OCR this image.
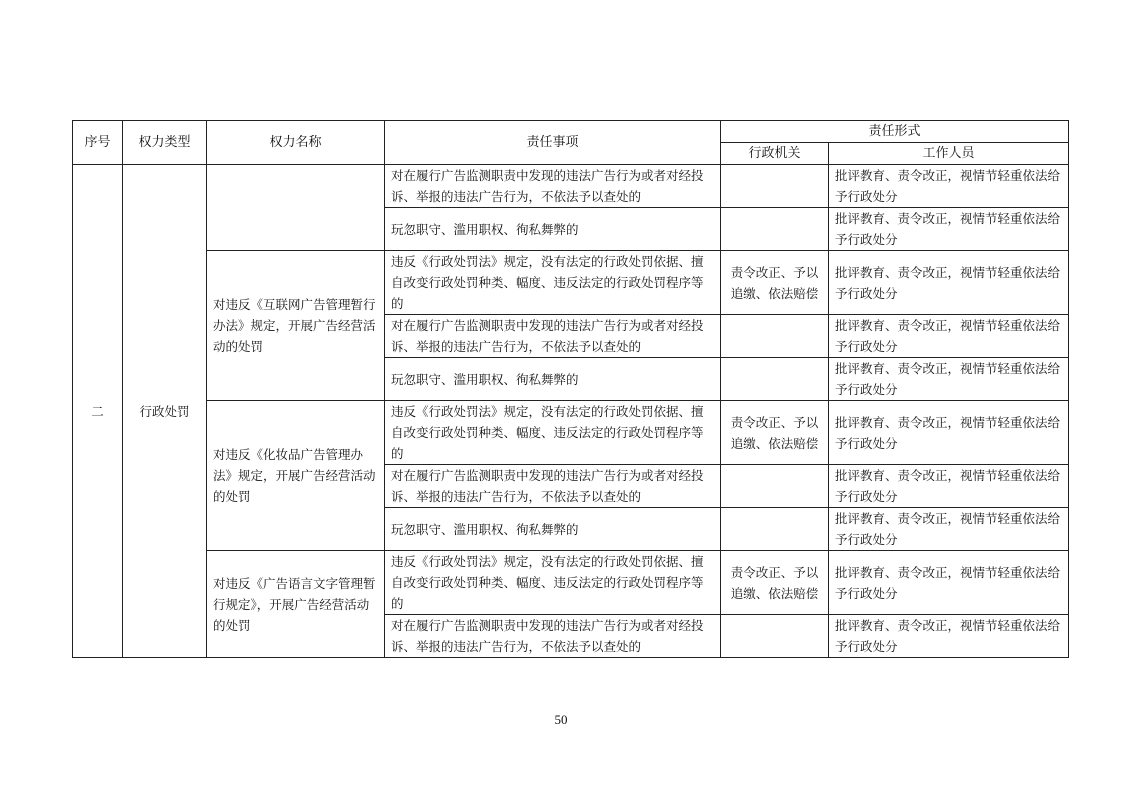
序号	权力类型	权力名称	责任事项	责任形式	
				行政机关	工作人员
二	行政处罚		对在履行广告监测职责中发现的违法广告行为或者对经投诉、举报的违法广告行为，不依法予以查处的		批评教育、责令改正，视情节轻重依法给予行政处分
			玩忽职守、滥用职权、徇私舞弊的		批评教育、责令改正，视情节轻重依法给予行政处分
		对违反《互联网广告管理暂行办法》规定，开展广告经营活动的处罚	违反《行政处罚法》规定，没有法定的行政处罚依据、擅自改变行政处罚种类、幅度、违反法定的行政处罚程序等的	责令改正、予以追缴、依法赔偿	批评教育、责令改正，视情节轻重依法给予行政处分
			对在履行广告监测职责中发现的违法广告行为或者对经投诉、举报的违法广告行为，不依法予以查处的		批评教育、责令改正，视情节轻重依法给予行政处分
			玩忽职守、滥用职权、徇私舞弊的		批评教育、责令改正，视情节轻重依法给予行政处分
		对违反《化妆品广告管理办法》规定，开展广告经营活动的处罚	违反《行政处罚法》规定，没有法定的行政处罚依据、擅自改变行政处罚种类、幅度、违反法定的行政处罚程序等的	责令改正、予以追缴、依法赔偿	批评教育、责令改正，视情节轻重依法给予行政处分
			对在履行广告监测职责中发现的违法广告行为或者对经投诉、举报的违法广告行为，不依法予以查处的		批评教育、责令改正，视情节轻重依法给予行政处分
			玩忽职守、滥用职权、徇私舞弊的		批评教育、责令改正，视情节轻重依法给予行政处分
		对违反《广告语言文字管理暂行规定》，开展广告经营活动的处罚	违反《行政处罚法》规定，没有法定的行政处罚依据、擅自改变行政处罚种类、幅度、违反法定的行政处罚程序等的	责令改正、予以追缴、依法赔偿	批评教育、责令改正，视情节轻重依法给予行政处分
			对在履行广告监测职责中发现的违法广告行为或者对经投诉、举报的违法广告行为，不依法予以查处的		批评教育、责令改正，视情节轻重依法给予行政处分
50
